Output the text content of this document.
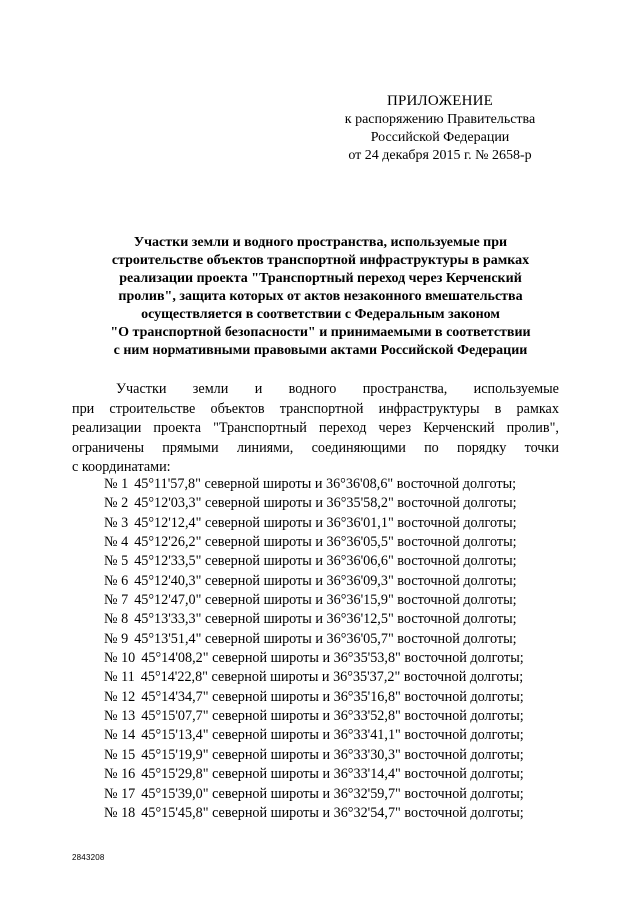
ПРИЛОЖЕНИЕ
к распоряжению Правительства
Российской Федерации
от 24 декабря 2015 г. № 2658-р
Участки земли и водного пространства, используемые при
строительстве объектов транспортной инфраструктуры в рамках
реализации проекта "Транспортный переход через Керченский
пролив", защита которых от актов незаконного вмешательства
осуществляется в соответствии с Федеральным законом
"О транспортной безопасности" и принимаемыми в соответствии
с ним нормативными правовыми актами Российской Федерации
Участки земли и водного пространства, используемые
при строительстве объектов транспортной инфраструктуры в рамках
реализации проекта "Транспортный переход через Керченский пролив",
ограничены прямыми линиями, соединяющими по порядку точки
с координатами:
№ 1 45°11'57,8" северной широты и 36°36'08,6" восточной долготы;
№ 2 45°12'03,3" северной широты и 36°35'58,2" восточной долготы;
№ 3 45°12'12,4" северной широты и 36°36'01,1" восточной долготы;
№ 4 45°12'26,2" северной широты и 36°36'05,5" восточной долготы;
№ 5 45°12'33,5" северной широты и 36°36'06,6" восточной долготы;
№ 6 45°12'40,3" северной широты и 36°36'09,3" восточной долготы;
№ 7 45°12'47,0" северной широты и 36°36'15,9" восточной долготы;
№ 8 45°13'33,3" северной широты и 36°36'12,5" восточной долготы;
№ 9 45°13'51,4" северной широты и 36°36'05,7" восточной долготы;
№ 10 45°14'08,2" северной широты и 36°35'53,8" восточной долготы;
№ 11 45°14'22,8" северной широты и 36°35'37,2" восточной долготы;
№ 12 45°14'34,7" северной широты и 36°35'16,8" восточной долготы;
№ 13 45°15'07,7" северной широты и 36°33'52,8" восточной долготы;
№ 14 45°15'13,4" северной широты и 36°33'41,1" восточной долготы;
№ 15 45°15'19,9" северной широты и 36°33'30,3" восточной долготы;
№ 16 45°15'29,8" северной широты и 36°33'14,4" восточной долготы;
№ 17 45°15'39,0" северной широты и 36°32'59,7" восточной долготы;
№ 18 45°15'45,8" северной широты и 36°32'54,7" восточной долготы;
2843208
